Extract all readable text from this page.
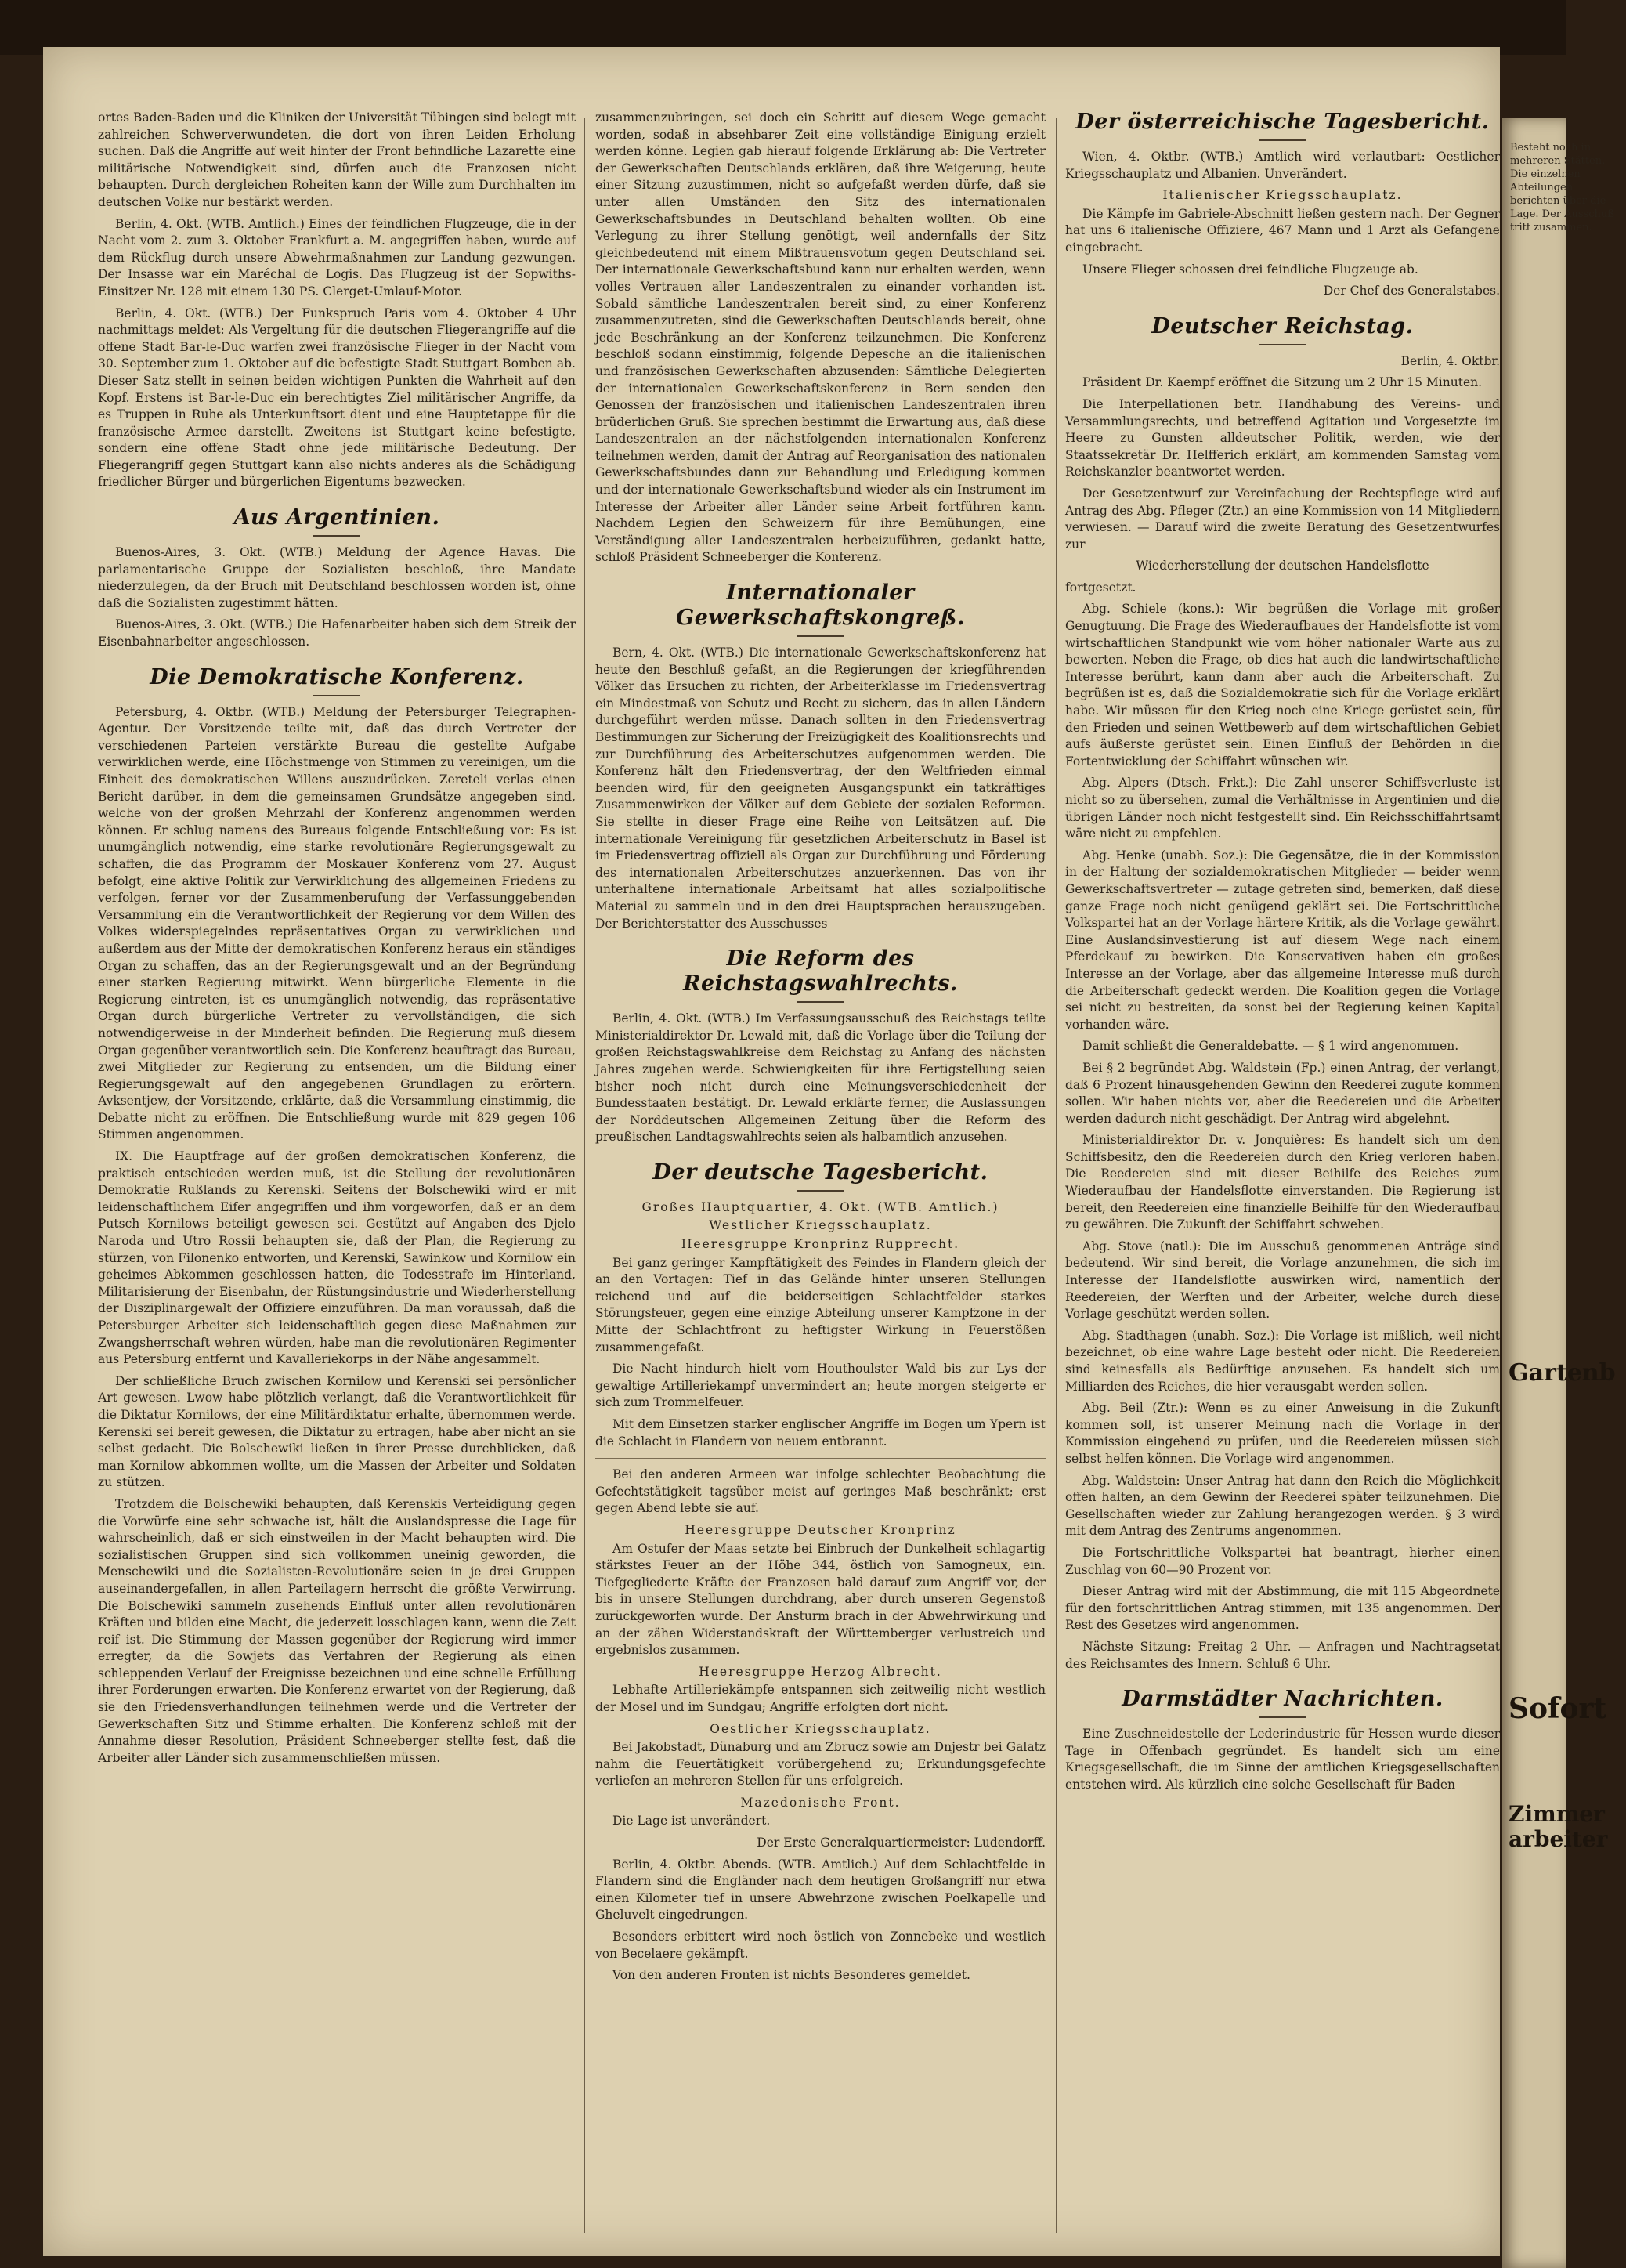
ortes Baden-Baden und die Kliniken der Universität Tübingen sind belegt mit zahlreichen Schwerverwundeten, die dort von ihren Leiden Erholung suchen. Daß die Angriffe auf weit hinter der Front befindliche Lazarette eine militärische Notwendigkeit sind, dürfen auch die Franzosen nicht behaupten. Durch dergleichen Roheiten kann der Wille zum Durchhalten im deutschen Volke nur bestärkt werden.

Berlin, 4. Okt. (WTB. Amtlich.) Eines der feindlichen Flugzeuge, die in der Nacht vom 2. zum 3. Oktober Frankfurt a. M. angegriffen haben, wurde auf dem Rückflug durch unsere Abwehrmaßnahmen zur Landung gezwungen. Der Insasse war ein Maréchal de Logis. Das Flugzeug ist der Sopwiths-Einsitzer Nr. 128 mit einem 130 PS. Clerget-Umlauf-Motor.

Berlin, 4. Okt. (WTB.) Der Funkspruch Paris vom 4. Oktober 4 Uhr nachmittags meldet: Als Vergeltung für die deutschen Fliegerangriffe auf die offene Stadt Bar-le-Duc warfen zwei französische Flieger in der Nacht vom 30. September zum 1. Oktober auf die befestigte Stadt Stuttgart Bomben ab. Dieser Satz stellt in seinen beiden wichtigen Punkten die Wahrheit auf den Kopf. Erstens ist Bar-le-Duc ein berechtigtes Ziel militärischer Angriffe, da es Truppen in Ruhe als Unterkunftsort dient und eine Hauptetappe für die französische Armee darstellt. Zweitens ist Stuttgart keine befestigte, sondern eine offene Stadt ohne jede militärische Bedeutung. Der Fliegerangriff gegen Stuttgart kann also nichts anderes als die Schädigung friedlicher Bürger und bürgerlichen Eigentums bezwecken.

Aus Argentinien.

Buenos-Aires, 3. Okt. (WTB.) Meldung der Agence Havas. Die parlamentarische Gruppe der Sozialisten beschloß, ihre Mandate niederzulegen, da der Bruch mit Deutschland beschlossen worden ist, ohne daß die Sozialisten zugestimmt hätten.

Buenos-Aires, 3. Okt. (WTB.) Die Hafenarbeiter haben sich dem Streik der Eisenbahnarbeiter angeschlossen.

Die Demokratische Konferenz.

Petersburg, 4. Oktbr. (WTB.) Meldung der Petersburger Telegraphen-Agentur. Der Vorsitzende teilte mit, daß das durch Vertreter der verschiedenen Parteien verstärkte Bureau die gestellte Aufgabe verwirklichen werde, eine Höchstmenge von Stimmen zu vereinigen, um die Einheit des demokratischen Willens auszudrücken. Zereteli verlas einen Bericht darüber, in dem die gemeinsamen Grundsätze angegeben sind, welche von der großen Mehrzahl der Konferenz angenommen werden können. Er schlug namens des Bureaus folgende Entschließung vor: Es ist unumgänglich notwendig, eine starke revolutionäre Regierungsgewalt zu schaffen, die das Programm der Moskauer Konferenz vom 27. August befolgt, eine aktive Politik zur Verwirklichung des allgemeinen Friedens zu verfolgen, ferner vor der Zusammenberufung der Verfassunggebenden Versammlung ein die Verantwortlichkeit der Regierung vor dem Willen des Volkes widerspiegelndes repräsentatives Organ zu verwirklichen und außerdem aus der Mitte der demokratischen Konferenz heraus ein ständiges Organ zu schaffen, das an der Regierungsgewalt und an der Begründung einer starken Regierung mitwirkt. Wenn bürgerliche Elemente in die Regierung eintreten, ist es unumgänglich notwendig, das repräsentative Organ durch bürgerliche Vertreter zu vervollständigen, die sich notwendigerweise in der Minderheit befinden. Die Regierung muß diesem Organ gegenüber verantwortlich sein. Die Konferenz beauftragt das Bureau, zwei Mitglieder zur Regierung zu entsenden, um die Bildung einer Regierungsgewalt auf den angegebenen Grundlagen zu erörtern. Avksentjew, der Vorsitzende, erklärte, daß die Versammlung einstimmig, die Debatte nicht zu eröffnen. Die Entschließung wurde mit 829 gegen 106 Stimmen angenommen.

IX. Die Hauptfrage auf der großen demokratischen Konferenz, die praktisch entschieden werden muß, ist die Stellung der revolutionären Demokratie Rußlands zu Kerenski. Seitens der Bolschewiki wird er mit leidenschaftlichem Eifer angegriffen und ihm vorgeworfen, daß er an dem Putsch Kornilows beteiligt gewesen sei. Gestützt auf Angaben des Djelo Naroda und Utro Rossii behaupten sie, daß der Plan, die Regierung zu stürzen, von Filonenko entworfen, und Kerenski, Sawinkow und Kornilow ein geheimes Abkommen geschlossen hatten, die Todesstrafe im Hinterland, Militarisierung der Eisenbahn, der Rüstungsindustrie und Wiederherstellung der Disziplinargewalt der Offiziere einzuführen. Da man voraussah, daß die Petersburger Arbeiter sich leidenschaftlich gegen diese Maßnahmen zur Zwangsherrschaft wehren würden, habe man die revolutionären Regimenter aus Petersburg entfernt und Kavalleriekorps in der Nähe angesammelt.

Der schließliche Bruch zwischen Kornilow und Kerenski sei persönlicher Art gewesen. Lwow habe plötzlich verlangt, daß die Verantwortlichkeit für die Diktatur Kornilows, der eine Militärdiktatur erhalte, übernommen werde. Kerenski sei bereit gewesen, die Diktatur zu ertragen, habe aber nicht an sie selbst gedacht. Die Bolschewiki ließen in ihrer Presse durchblicken, daß man Kornilow abkommen wollte, um die Massen der Arbeiter und Soldaten zu stützen.

Trotzdem die Bolschewiki behaupten, daß Kerenskis Verteidigung gegen die Vorwürfe eine sehr schwache ist, hält die Auslandspresse die Lage für wahrscheinlich, daß er sich einstweilen in der Macht behaupten wird. Die sozialistischen Gruppen sind sich vollkommen uneinig geworden, die Menschewiki und die Sozialisten-Revolutionäre seien in je drei Gruppen auseinandergefallen, in allen Parteilagern herrscht die größte Verwirrung. Die Bolschewiki sammeln zusehends Einfluß unter allen revolutionären Kräften und bilden eine Macht, die jederzeit losschlagen kann, wenn die Zeit reif ist. Die Stimmung der Massen gegenüber der Regierung wird immer erregter, da die Sowjets das Verfahren der Regierung als einen schleppenden Verlauf der Ereignisse bezeichnen und eine schnelle Erfüllung ihrer Forderungen erwarten. Die Konferenz erwartet von der Regierung, daß sie den Friedensverhandlungen teilnehmen werde und die Vertreter der Gewerkschaften Sitz und Stimme erhalten. Die Konferenz schloß mit der Annahme dieser Resolution, Präsident Schneeberger stellte fest, daß die Arbeiter aller Länder sich zusammenschließen müssen.

zusammenzubringen, sei doch ein Schritt auf diesem Wege gemacht worden, sodaß in absehbarer Zeit eine vollständige Einigung erzielt werden könne. Legien gab hierauf folgende Erklärung ab: Die Vertreter der Gewerkschaften Deutschlands erklären, daß ihre Weigerung, heute einer Sitzung zuzustimmen, nicht so aufgefaßt werden dürfe, daß sie unter allen Umständen den Sitz des internationalen Gewerkschaftsbundes in Deutschland behalten wollten. Ob eine Verlegung zu ihrer Stellung genötigt, weil andernfalls der Sitz gleichbedeutend mit einem Mißtrauensvotum gegen Deutschland sei. Der internationale Gewerkschaftsbund kann nur erhalten werden, wenn volles Vertrauen aller Landeszentralen zu einander vorhanden ist. Sobald sämtliche Landeszentralen bereit sind, zu einer Konferenz zusammenzutreten, sind die Gewerkschaften Deutschlands bereit, ohne jede Beschränkung an der Konferenz teilzunehmen. Die Konferenz beschloß sodann einstimmig, folgende Depesche an die italienischen und französischen Gewerkschaften abzusenden: Sämtliche Delegierten der internationalen Gewerkschaftskonferenz in Bern senden den Genossen der französischen und italienischen Landeszentralen ihren brüderlichen Gruß. Sie sprechen bestimmt die Erwartung aus, daß diese Landeszentralen an der nächstfolgenden internationalen Konferenz teilnehmen werden, damit der Antrag auf Reorganisation des nationalen Gewerkschaftsbundes dann zur Behandlung und Erledigung kommen und der internationale Gewerkschaftsbund wieder als ein Instrument im Interesse der Arbeiter aller Länder seine Arbeit fortführen kann. Nachdem Legien den Schweizern für ihre Bemühungen, eine Verständigung aller Landeszentralen herbeizuführen, gedankt hatte, schloß Präsident Schneeberger die Konferenz.

Internationaler Gewerkschaftskongreß.

Bern, 4. Okt. (WTB.) Die internationale Gewerkschaftskonferenz hat heute den Beschluß gefaßt, an die Regierungen der kriegführenden Völker das Ersuchen zu richten, der Arbeiterklasse im Friedensvertrag ein Mindestmaß von Schutz und Recht zu sichern, das in allen Ländern durchgeführt werden müsse. Danach sollten in den Friedensvertrag Bestimmungen zur Sicherung der Freizügigkeit des Koalitionsrechts und zur Durchführung des Arbeiterschutzes aufgenommen werden. Die Konferenz hält den Friedensvertrag, der den Weltfrieden einmal beenden wird, für den geeigneten Ausgangspunkt ein tatkräftiges Zusammenwirken der Völker auf dem Gebiete der sozialen Reformen. Sie stellte in dieser Frage eine Reihe von Leitsätzen auf. Die internationale Vereinigung für gesetzlichen Arbeiterschutz in Basel ist im Friedensvertrag offiziell als Organ zur Durchführung und Förderung des internationalen Arbeiterschutzes anzuerkennen. Das von ihr unterhaltene internationale Arbeitsamt hat alles sozialpolitische Material zu sammeln und in den drei Hauptsprachen herauszugeben. Der Berichterstatter des Ausschusses

Die Reform des Reichstagswahlrechts.

Berlin, 4. Okt. (WTB.) Im Verfassungsausschuß des Reichstags teilte Ministerialdirektor Dr. Lewald mit, daß die Vorlage über die Teilung der großen Reichstagswahlkreise dem Reichstag zu Anfang des nächsten Jahres zugehen werde. Schwierigkeiten für ihre Fertigstellung seien bisher noch nicht durch eine Meinungsverschiedenheit der Bundesstaaten bestätigt. Dr. Lewald erklärte ferner, die Auslassungen der Norddeutschen Allgemeinen Zeitung über die Reform des preußischen Landtagswahlrechts seien als halbamtlich anzusehen.

Der deutsche Tagesbericht.

Großes Hauptquartier, 4. Okt. (WTB. Amtlich.)

Westlicher Kriegsschauplatz.

Heeresgruppe Kronprinz Rupprecht.

Bei ganz geringer Kampftätigkeit des Feindes in Flandern gleich der an den Vortagen: Tief in das Gelände hinter unseren Stellungen reichend und auf die beiderseitigen Schlachtfelder starkes Störungsfeuer, gegen eine einzige Abteilung unserer Kampfzone in der Mitte der Schlachtfront zu heftigster Wirkung in Feuerstößen zusammengefaßt.

Die Nacht hindurch hielt vom Houthoulster Wald bis zur Lys der gewaltige Artilleriekampf unvermindert an; heute morgen steigerte er sich zum Trommelfeuer.

Mit dem Einsetzen starker englischer Angriffe im Bogen um Ypern ist die Schlacht in Flandern von neuem entbrannt.

Bei den anderen Armeen war infolge schlechter Beobachtung die Gefechtstätigkeit tagsüber meist auf geringes Maß beschränkt; erst gegen Abend lebte sie auf.

Heeresgruppe Deutscher Kronprinz

Am Ostufer der Maas setzte bei Einbruch der Dunkelheit schlagartig stärkstes Feuer an der Höhe 344, östlich von Samogneux, ein. Tiefgegliederte Kräfte der Franzosen bald darauf zum Angriff vor, der bis in unsere Stellungen durchdrang, aber durch unseren Gegenstoß zurückgeworfen wurde. Der Ansturm brach in der Abwehrwirkung und an der zähen Widerstandskraft der Württemberger verlustreich und ergebnislos zusammen.

Heeresgruppe Herzog Albrecht.

Lebhafte Artilleriekämpfe entspannen sich zeitweilig nicht westlich der Mosel und im Sundgau; Angriffe erfolgten dort nicht.

Oestlicher Kriegsschauplatz.

Bei Jakobstadt, Dünaburg und am Zbrucz sowie am Dnjestr bei Galatz nahm die Feuertätigkeit vorübergehend zu; Erkundungsgefechte verliefen an mehreren Stellen für uns erfolgreich.

Mazedonische Front.

Die Lage ist unverändert.

Der Erste Generalquartiermeister: Ludendorff.

Berlin, 4. Oktbr. Abends. (WTB. Amtlich.) Auf dem Schlachtfelde in Flandern sind die Engländer nach dem heutigen Großangriff nur etwa einen Kilometer tief in unsere Abwehrzone zwischen Poelkapelle und Gheluvelt eingedrungen.

Besonders erbittert wird noch östlich von Zonnebeke und westlich von Becelaere gekämpft.

Von den anderen Fronten ist nichts Besonderes gemeldet.

Der österreichische Tagesbericht.

Wien, 4. Oktbr. (WTB.) Amtlich wird verlautbart: Oestlicher Kriegsschauplatz und Albanien. Unverändert.

Italienischer Kriegsschauplatz.

Die Kämpfe im Gabriele-Abschnitt ließen gestern nach. Der Gegner hat uns 6 italienische Offiziere, 467 Mann und 1 Arzt als Gefangene eingebracht.

Unsere Flieger schossen drei feindliche Flugzeuge ab.

Der Chef des Generalstabes.

Deutscher Reichstag.

Berlin, 4. Oktbr.

Präsident Dr. Kaempf eröffnet die Sitzung um 2 Uhr 15 Minuten.

Die Interpellationen betr. Handhabung des Vereins- und Versammlungsrechts, und betreffend Agitation und Vorgesetzte im Heere zu Gunsten alldeutscher Politik, werden, wie der Staatssekretär Dr. Helfferich erklärt, am kommenden Samstag vom Reichskanzler beantwortet werden.

Der Gesetzentwurf zur Vereinfachung der Rechtspflege wird auf Antrag des Abg. Pfleger (Ztr.) an eine Kommission von 14 Mitgliedern verwiesen. — Darauf wird die zweite Beratung des Gesetzentwurfes zur

Wiederherstellung der deutschen Handelsflotte

fortgesetzt.

Abg. Schiele (kons.): Wir begrüßen die Vorlage mit großer Genugtuung. Die Frage des Wiederaufbaues der Handelsflotte ist vom wirtschaftlichen Standpunkt wie vom höher nationaler Warte aus zu bewerten. Neben die Frage, ob dies hat auch die landwirtschaftliche Interesse berührt, kann dann aber auch die Arbeiterschaft. Zu begrüßen ist es, daß die Sozialdemokratie sich für die Vorlage erklärt habe. Wir müssen für den Krieg noch eine Kriege gerüstet sein, für den Frieden und seinen Wettbewerb auf dem wirtschaftlichen Gebiet aufs äußerste gerüstet sein. Einen Einfluß der Behörden in die Fortentwicklung der Schiffahrt wünschen wir.

Abg. Alpers (Dtsch. Frkt.): Die Zahl unserer Schiffsverluste ist nicht so zu übersehen, zumal die Verhältnisse in Argentinien und die übrigen Länder noch nicht festgestellt sind. Ein Reichsschiffahrtsamt wäre nicht zu empfehlen.

Abg. Henke (unabh. Soz.): Die Gegensätze, die in der Kommission in der Haltung der sozialdemokratischen Mitglieder — beider wenn Gewerkschaftsvertreter — zutage getreten sind, bemerken, daß diese ganze Frage noch nicht genügend geklärt sei. Die Fortschrittliche Volkspartei hat an der Vorlage härtere Kritik, als die Vorlage gewährt. Eine Auslandsinvestierung ist auf diesem Wege nach einem Pferdekauf zu bewirken. Die Konservativen haben ein großes Interesse an der Vorlage, aber das allgemeine Interesse muß durch die Arbeiterschaft gedeckt werden. Die Koalition gegen die Vorlage sei nicht zu bestreiten, da sonst bei der Regierung keinen Kapital vorhanden wäre.

Damit schließt die Generaldebatte. — § 1 wird angenommen.

Bei § 2 begründet Abg. Waldstein (Fp.) einen Antrag, der verlangt, daß 6 Prozent hinausgehenden Gewinn den Reederei zugute kommen sollen. Wir haben nichts vor, aber die Reedereien und die Arbeiter werden dadurch nicht geschädigt. Der Antrag wird abgelehnt.

Ministerialdirektor Dr. v. Jonquières: Es handelt sich um den Schiffsbesitz, den die Reedereien durch den Krieg verloren haben. Die Reedereien sind mit dieser Beihilfe des Reiches zum Wiederaufbau der Handelsflotte einverstanden. Die Regierung ist bereit, den Reedereien eine finanzielle Beihilfe für den Wiederaufbau zu gewähren. Die Zukunft der Schiffahrt schweben.

Abg. Stove (natl.): Die im Ausschuß genommenen Anträge sind bedeutend. Wir sind bereit, die Vorlage anzunehmen, die sich im Interesse der Handelsflotte auswirken wird, namentlich der Reedereien, der Werften und der Arbeiter, welche durch diese Vorlage geschützt werden sollen.

Abg. Stadthagen (unabh. Soz.): Die Vorlage ist mißlich, weil nicht bezeichnet, ob eine wahre Lage besteht oder nicht. Die Reedereien sind keinesfalls als Bedürftige anzusehen. Es handelt sich um Milliarden des Reiches, die hier verausgabt werden sollen.

Abg. Beil (Ztr.): Wenn es zu einer Anweisung in die Zukunft kommen soll, ist unserer Meinung nach die Vorlage in der Kommission eingehend zu prüfen, und die Reedereien müssen sich selbst helfen können. Die Vorlage wird angenommen.

Abg. Waldstein: Unser Antrag hat dann den Reich die Möglichkeit offen halten, an dem Gewinn der Reederei später teilzunehmen. Die Gesellschaften wieder zur Zahlung herangezogen werden. § 3 wird mit dem Antrag des Zentrums angenommen.

Die Fortschrittliche Volkspartei hat beantragt, hierher einen Zuschlag von 60—90 Prozent vor.

Dieser Antrag wird mit der Abstimmung, die mit 115 Abgeordnete für den fortschrittlichen Antrag stimmen, mit 135 angenommen. Der Rest des Gesetzes wird angenommen.

Nächste Sitzung: Freitag 2 Uhr. — Anfragen und Nachtragsetat des Reichsamtes des Innern. Schluß 6 Uhr.

Darmstädter Nachrichten.

Eine Zuschneidestelle der Lederindustrie für Hessen wurde dieser Tage in Offenbach gegründet. Es handelt sich um eine Kriegsgesellschaft, die im Sinne der amtlichen Kriegsgesellschaften entstehen wird. Als kürzlich eine solche Gesellschaft für Baden

Besteht noch in mehreren Stätten. Die einzelnen Abteilungen berichten über die Lage. Der Ausschuß tritt zusammen.
Gartenb
Sofort
Zimmer arbeiter
